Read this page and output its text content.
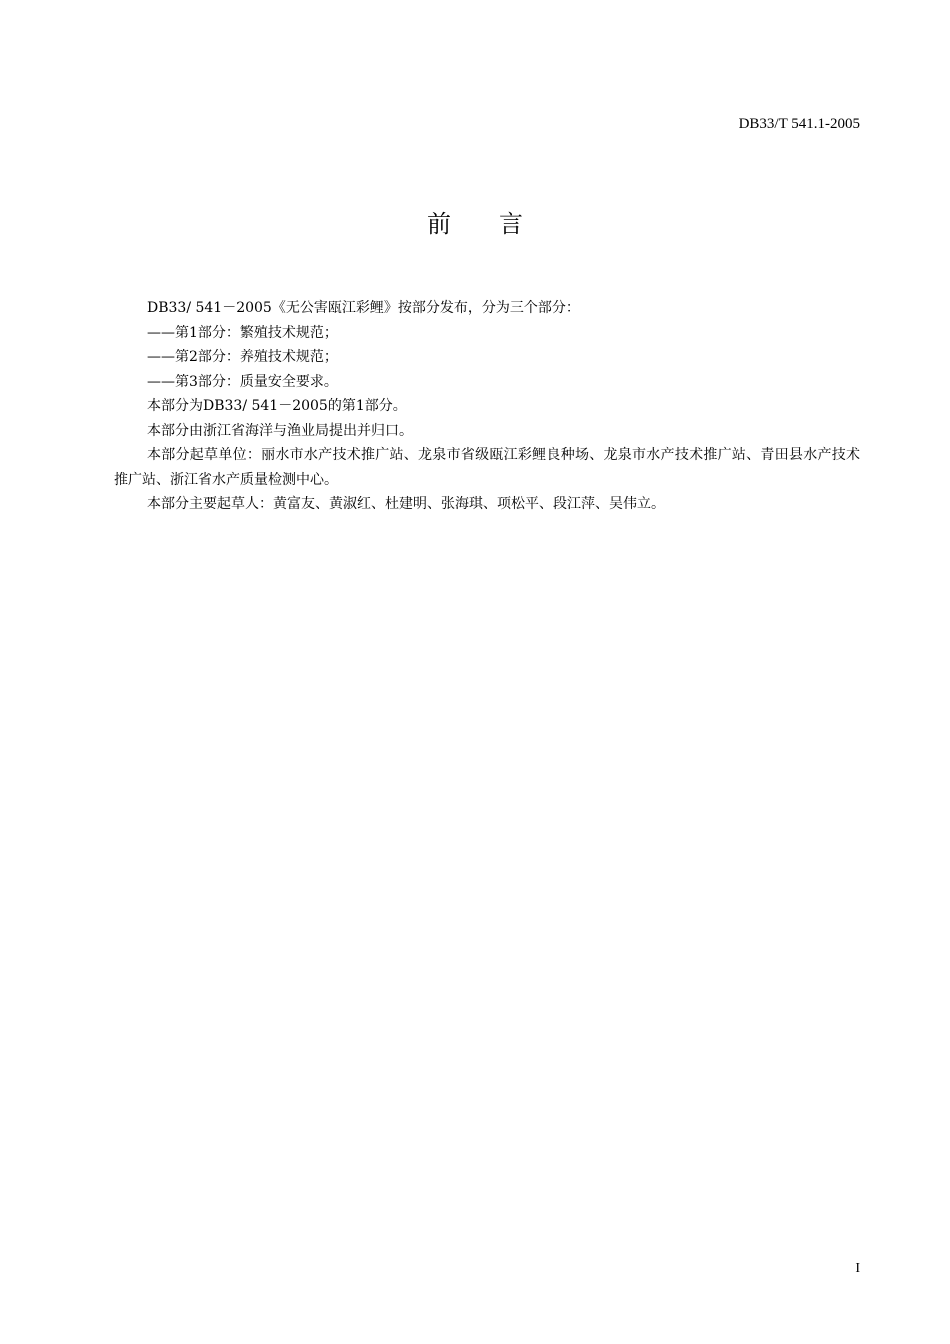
DB33/T 541.1-2005
前 言

DB33/ 541－2005《无公害瓯江彩鲤》按部分发布，分为三个部分：

——第1部分：繁殖技术规范；

——第2部分：养殖技术规范；

——第3部分：质量安全要求。

本部分为DB33/ 541－2005的第1部分。

本部分由浙江省海洋与渔业局提出并归口。

本部分起草单位：丽水市水产技术推广站、龙泉市省级瓯江彩鲤良种场、龙泉市水产技术推广站、青田县水产技术推广站、浙江省水产质量检测中心。

本部分主要起草人：黄富友、黄淑红、杜建明、张海琪、项松平、段江萍、吴伟立。

I
